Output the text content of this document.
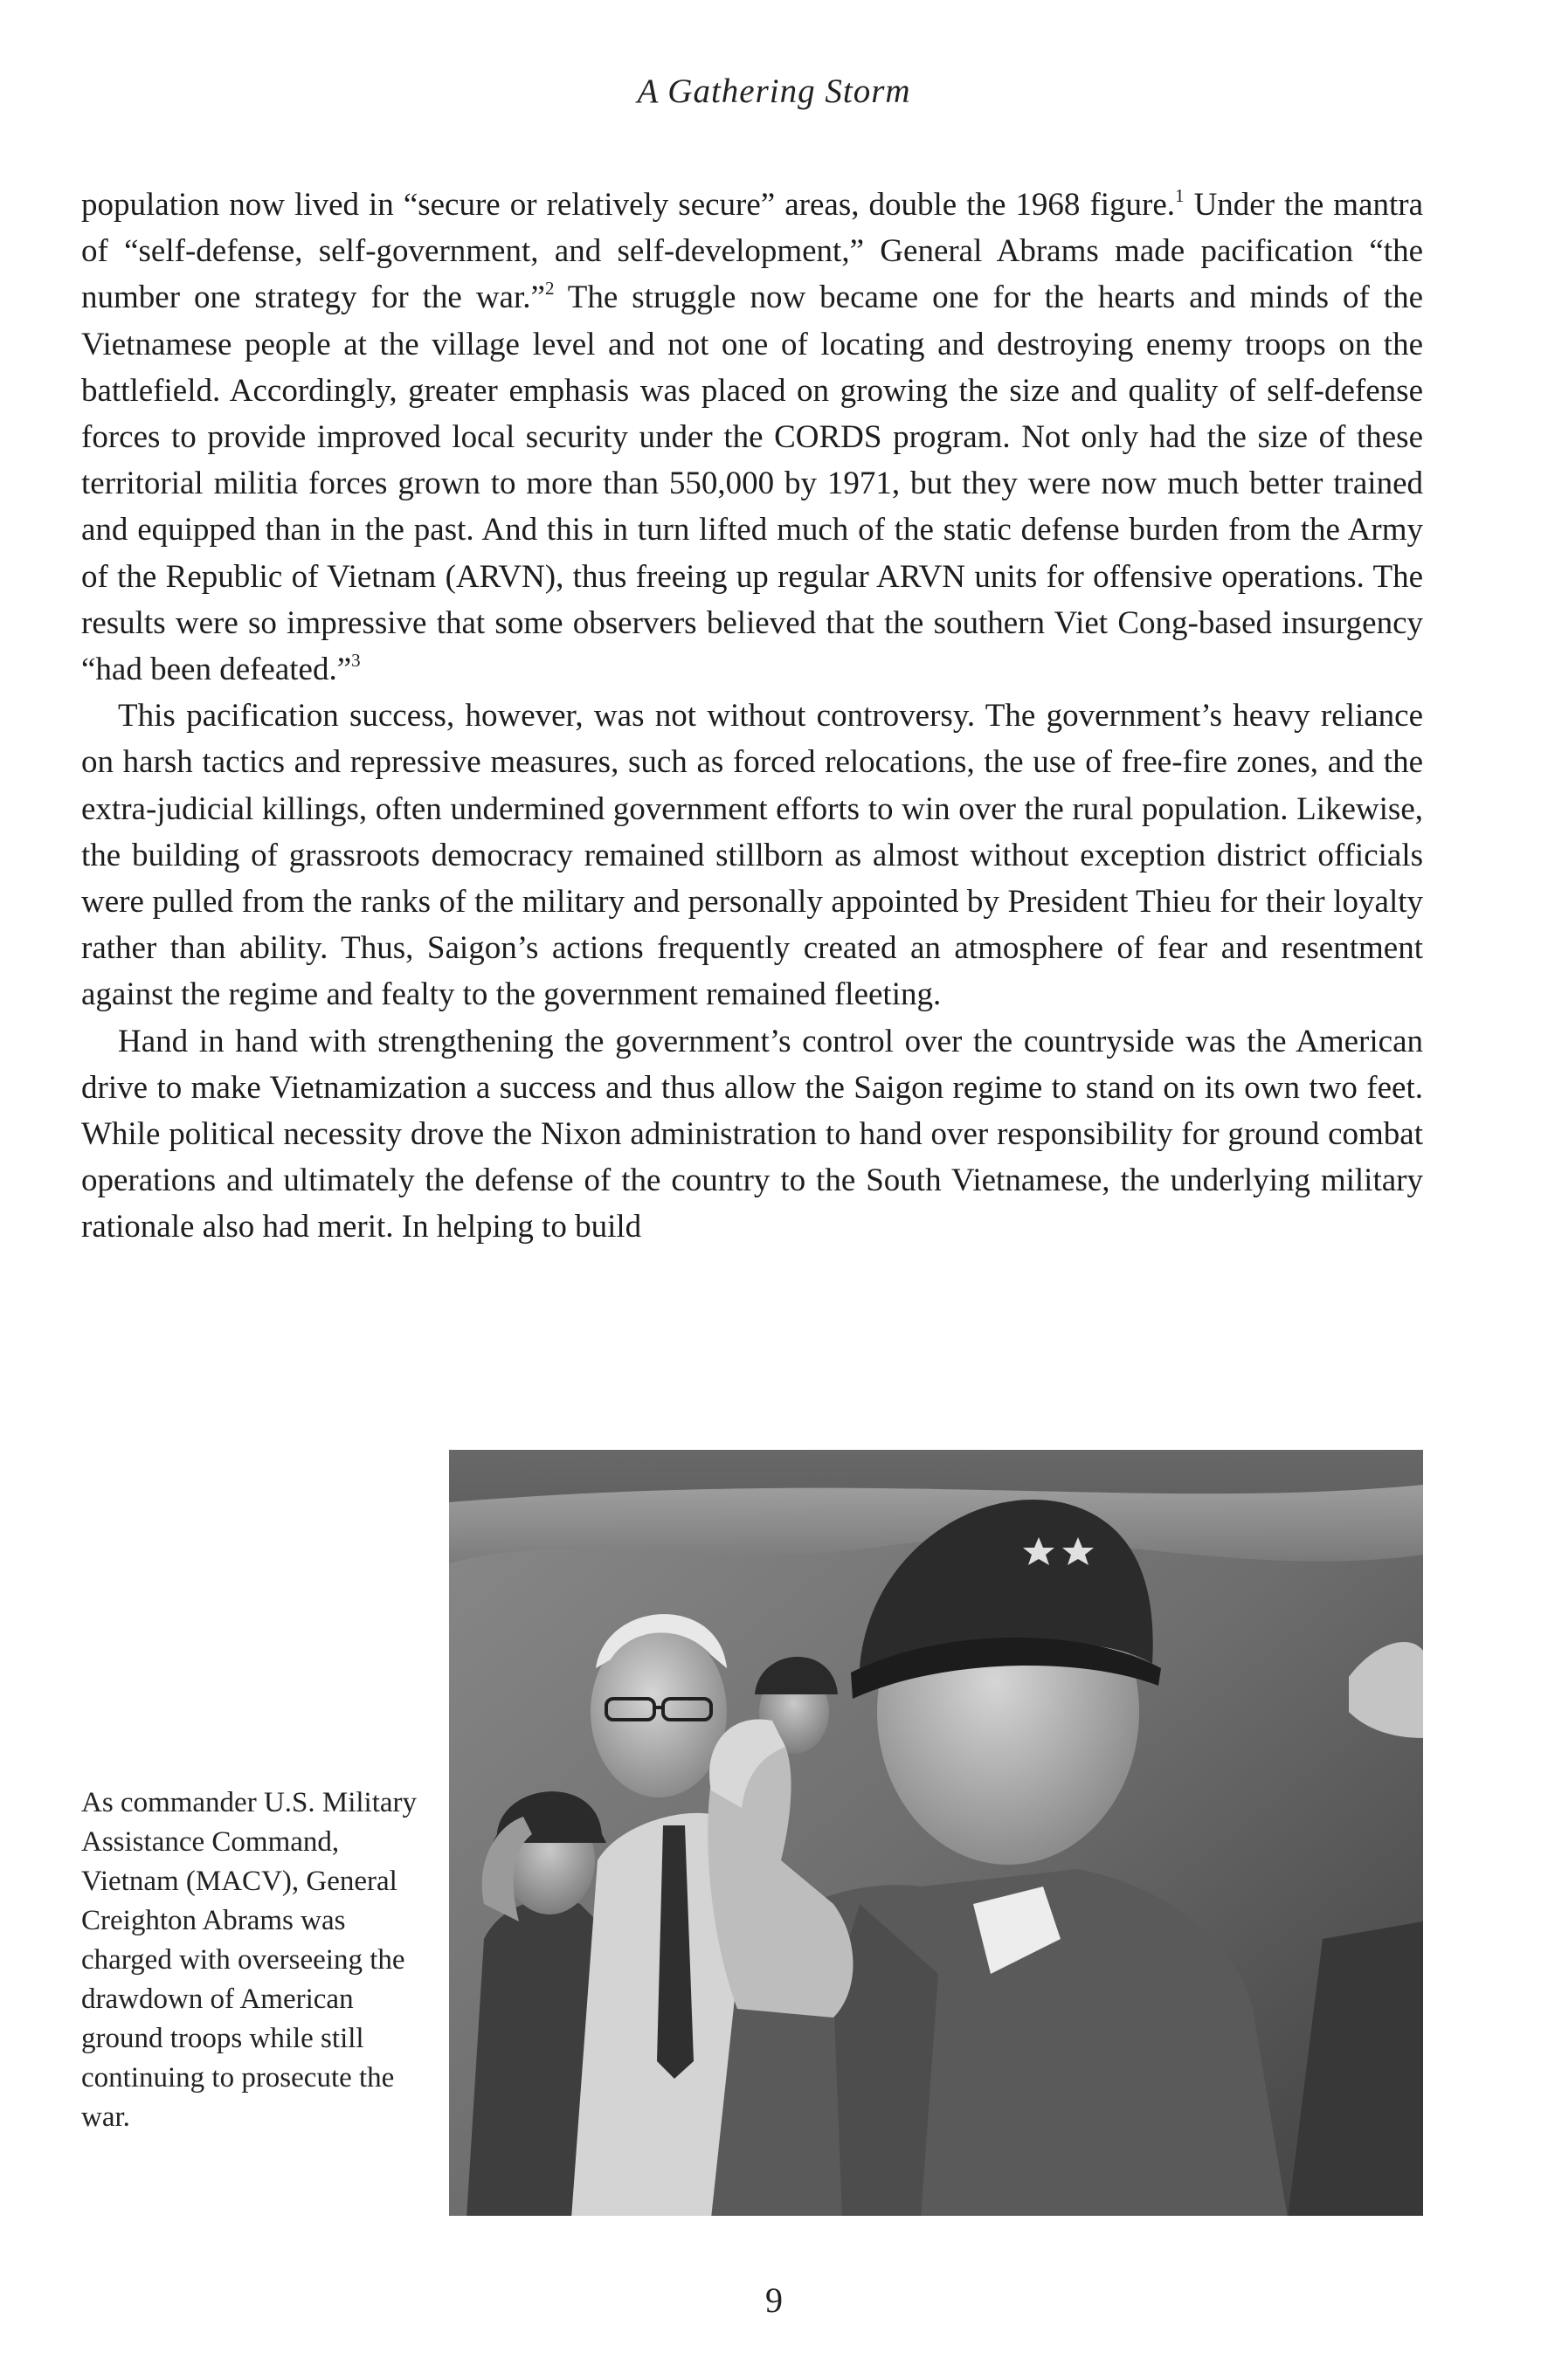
A Gathering Storm

population now lived in “secure or relatively secure” areas, double the 1968 figure.$^1$ Under the mantra of “self-defense, self-government, and self-development,” General Abrams made pacification “the number one strategy for the war.”$^2$ The struggle now became one for the hearts and minds of the Vietnamese people at the village level and not one of locating and destroying enemy troops on the battlefield. Accordingly, greater emphasis was placed on growing the size and quality of self-defense forces to provide improved local security under the CORDS program. Not only had the size of these territorial militia forces grown to more than 550,000 by 1971, but they were now much better trained and equipped than in the past. And this in turn lifted much of the static defense burden from the Army of the Republic of Vietnam (ARVN), thus freeing up regular ARVN units for offensive operations. The results were so impressive that some observers believed that the southern Viet Cong-based insurgency “had been defeated.”$^3$

This pacification success, however, was not without controversy. The government’s heavy reliance on harsh tactics and repressive measures, such as forced relocations, the use of free-fire zones, and the extra-judicial killings, often undermined government efforts to win over the rural population. Likewise, the building of grassroots democracy remained stillborn as almost without exception district officials were pulled from the ranks of the military and personally appointed by President Thieu for their loyalty rather than ability. Thus, Saigon’s actions frequently created an atmosphere of fear and resentment against the regime and fealty to the government remained fleeting.

Hand in hand with strengthening the government’s control over the countryside was the American drive to make Vietnamization a success and thus allow the Saigon regime to stand on its own two feet. While political necessity drove the Nixon administration to hand over responsibility for ground combat operations and ultimately the defense of the country to the South Vietnamese, the underlying military rationale also had merit. In helping to build

As commander U.S. Military Assistance Command, Vietnam (MACV), General Creighton Abrams was charged with overseeing the drawdown of American ground troops while still continuing to prosecute the war.
9
